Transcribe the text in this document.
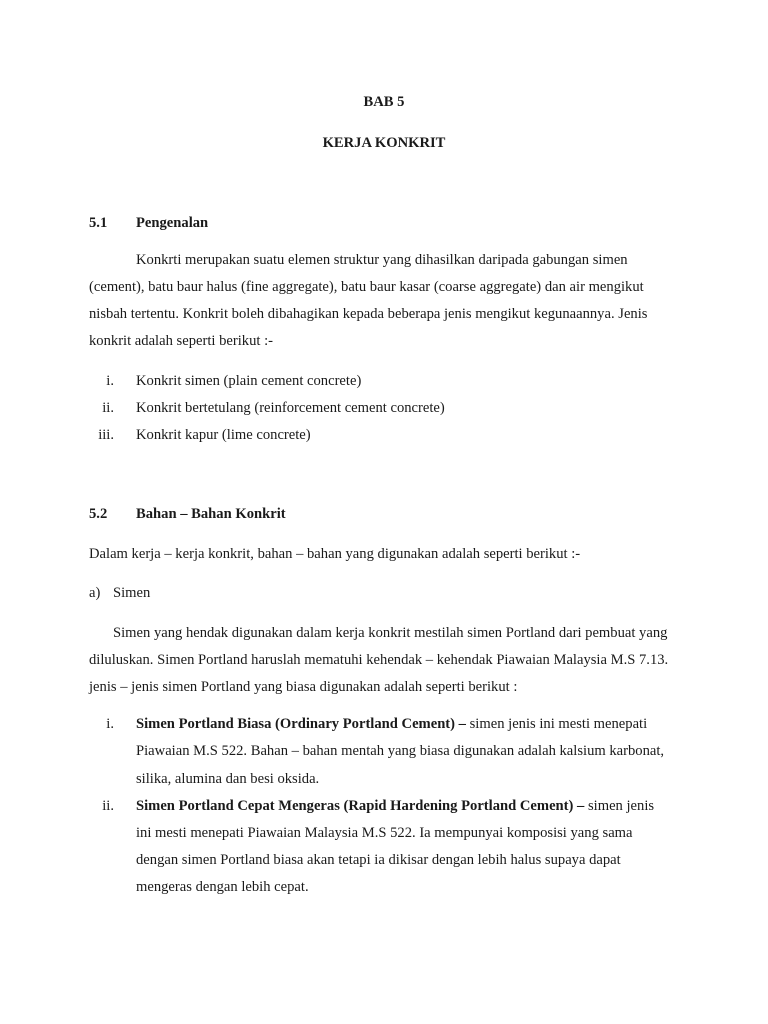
BAB 5
KERJA KONKRIT
5.1 Pengenalan
Konkrti merupakan suatu elemen struktur yang dihasilkan daripada gabungan simen
(cement), batu baur halus (fine aggregate), batu baur kasar (coarse aggregate) dan air mengikut
nisbah tertentu. Konkrit boleh dibahagikan kepada beberapa jenis mengikut kegunaannya. Jenis
konkrit adalah seperti berikut :-
i. Konkrit simen (plain cement concrete)
ii. Konkrit bertetulang (reinforcement cement concrete)
iii. Konkrit kapur (lime concrete)
5.2 Bahan – Bahan Konkrit
Dalam kerja – kerja konkrit, bahan – bahan yang digunakan adalah seperti berikut :-
a) Simen
Simen yang hendak digunakan dalam kerja konkrit mestilah simen Portland dari pembuat yang
diluluskan. Simen Portland haruslah mematuhi kehendak – kehendak Piawaian Malaysia M.S 7.13.
jenis – jenis simen Portland yang biasa digunakan adalah seperti berikut :
i. Simen Portland Biasa (Ordinary Portland Cement) – simen jenis ini mesti menepati
Piawaian M.S 522. Bahan – bahan mentah yang biasa digunakan adalah kalsium karbonat,
silika, alumina dan besi oksida.
ii. Simen Portland Cepat Mengeras (Rapid Hardening Portland Cement) – simen jenis
ini mesti menepati Piawaian Malaysia M.S 522. Ia mempunyai komposisi yang sama
dengan simen Portland biasa akan tetapi ia dikisar dengan lebih halus supaya dapat
mengeras dengan lebih cepat.
